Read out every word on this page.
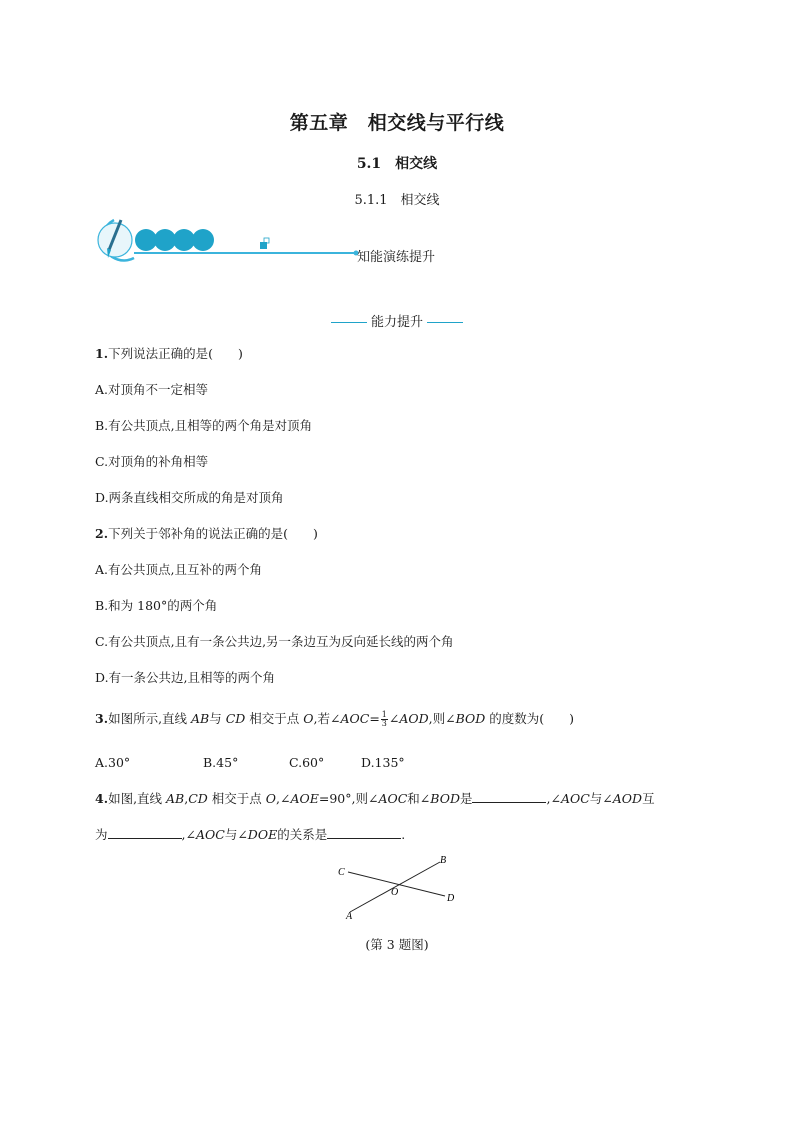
第五章　相交线与平行线
5.1　相交线
5.1.1　相交线
知能演练提升
能力提升
1.下列说法正确的是(　　)
A.对顶角不一定相等
B.有公共顶点,且相等的两个角是对顶角
C.对顶角的补角相等
D.两条直线相交所成的角是对顶角
2.下列关于邻补角的说法正确的是(　　)
A.有公共顶点,且互补的两个角
B.和为 180°的两个角
C.有公共顶点,且有一条公共边,另一条边互为反向延长线的两个角
D.有一条公共边,且相等的两个角
3.如图所示,直线 AB与 CD 相交于点 O,若∠AOC= $\frac{1}{3}$ ∠AOD,则∠BOD 的度数为(　　)
A.30°	B.45°	C.60°	D.135°
4.如图,直线 AB,CD 相交于点 O,∠AOE=90°,则∠AOC和∠BOD是	,∠AOC与∠AOD互
为	,∠AOC与∠DOE的关系是	.
C
B
O
D
A
(第 3 题图)
